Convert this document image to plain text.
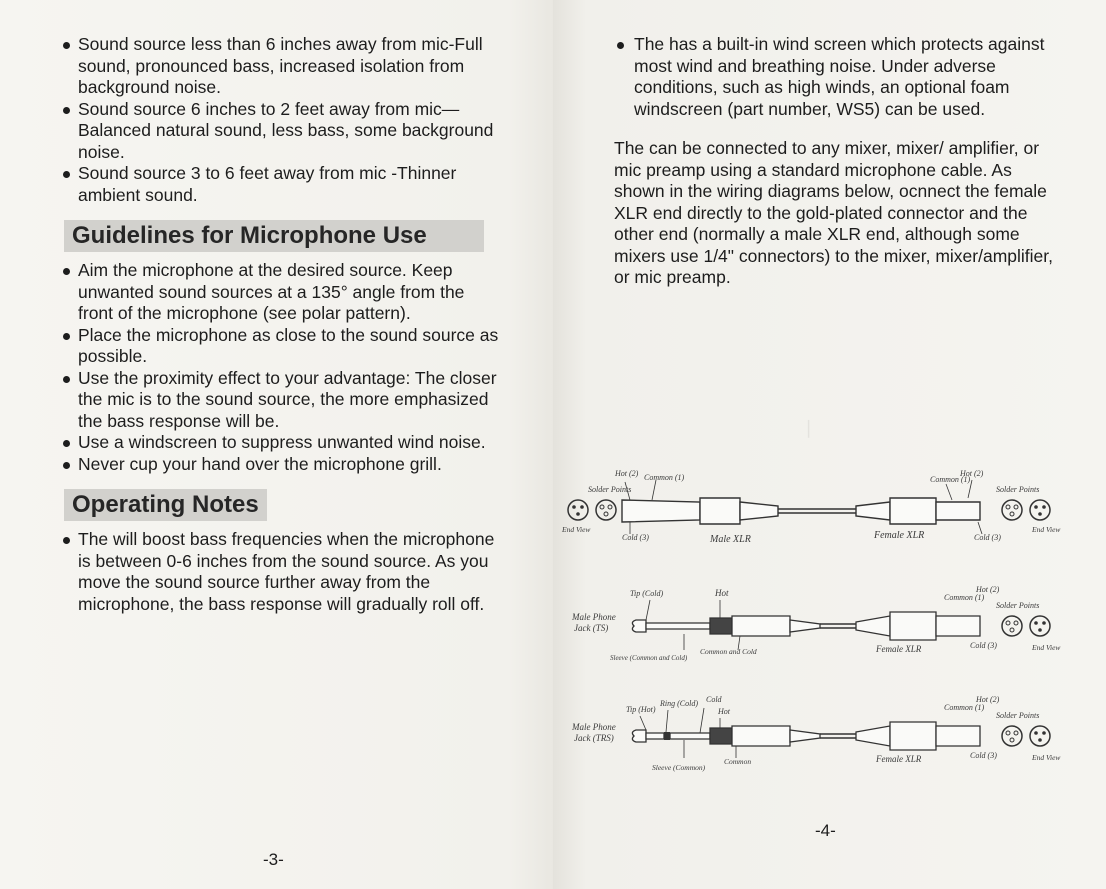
▏
Sound source less than 6 inches away from mic-Full sound, pronounced bass, increased isolation from background noise.
Sound source 6 inches to 2 feet away from mic—Balanced natural sound, less bass, some background noise.
Sound source 3 to 6 feet away from mic -Thinner ambient sound.
Guidelines for Microphone Use
Aim the microphone at the desired source. Keep unwanted sound sources at a 135° angle from the front of the microphone (see polar pattern).
Place the microphone as close to the sound source as possible.
Use the proximity effect to your advantage: The closer the mic is to the sound source, the more emphasized the bass response will be.
Use a windscreen to suppress unwanted wind noise.
Never cup your hand over the microphone grill.
Operating Notes
The will boost bass frequencies when the microphone is between 0-6 inches from the sound source. As you move the sound source further away from the microphone, the bass response will gradually roll off.
-3-
The has a built-in wind screen which protects against most wind and breathing noise. Under adverse conditions, such as high winds, an optional foam windscreen (part number, WS5) can be used.

The can be connected to any mixer, mixer/ amplifier, or mic preamp using a standard microphone cable. As shown in the wiring diagrams below, ocnnect the female XLR end directly to the gold-plated connector and the other end (normally a male XLR end, although some mixers use 1/4" connectors) to the mixer, mixer/amplifier, or mic preamp.

Hot (2) Common (1)
Solder Points
Cold (3)
End View
Male XLR
Hot (2)
Common (1)
Solder Points
Female XLR	Cold (3)
End View
Tip (Cold)	Hot
Male Phone Jack (TS)
Sleeve (Common and Cold)
Common and Cold
Hot (2)
Common (1)
Solder Points
Female XLR	Cold (3)	End View
Ring (Cold) Cold
Tip (Hot)	Hot
Male Phone Jack (TRS)
Sleeve (Common)
Common
Hot (2)
Common (1)
Solder Points
Female XLR	Cold (3)	End View
-4-
